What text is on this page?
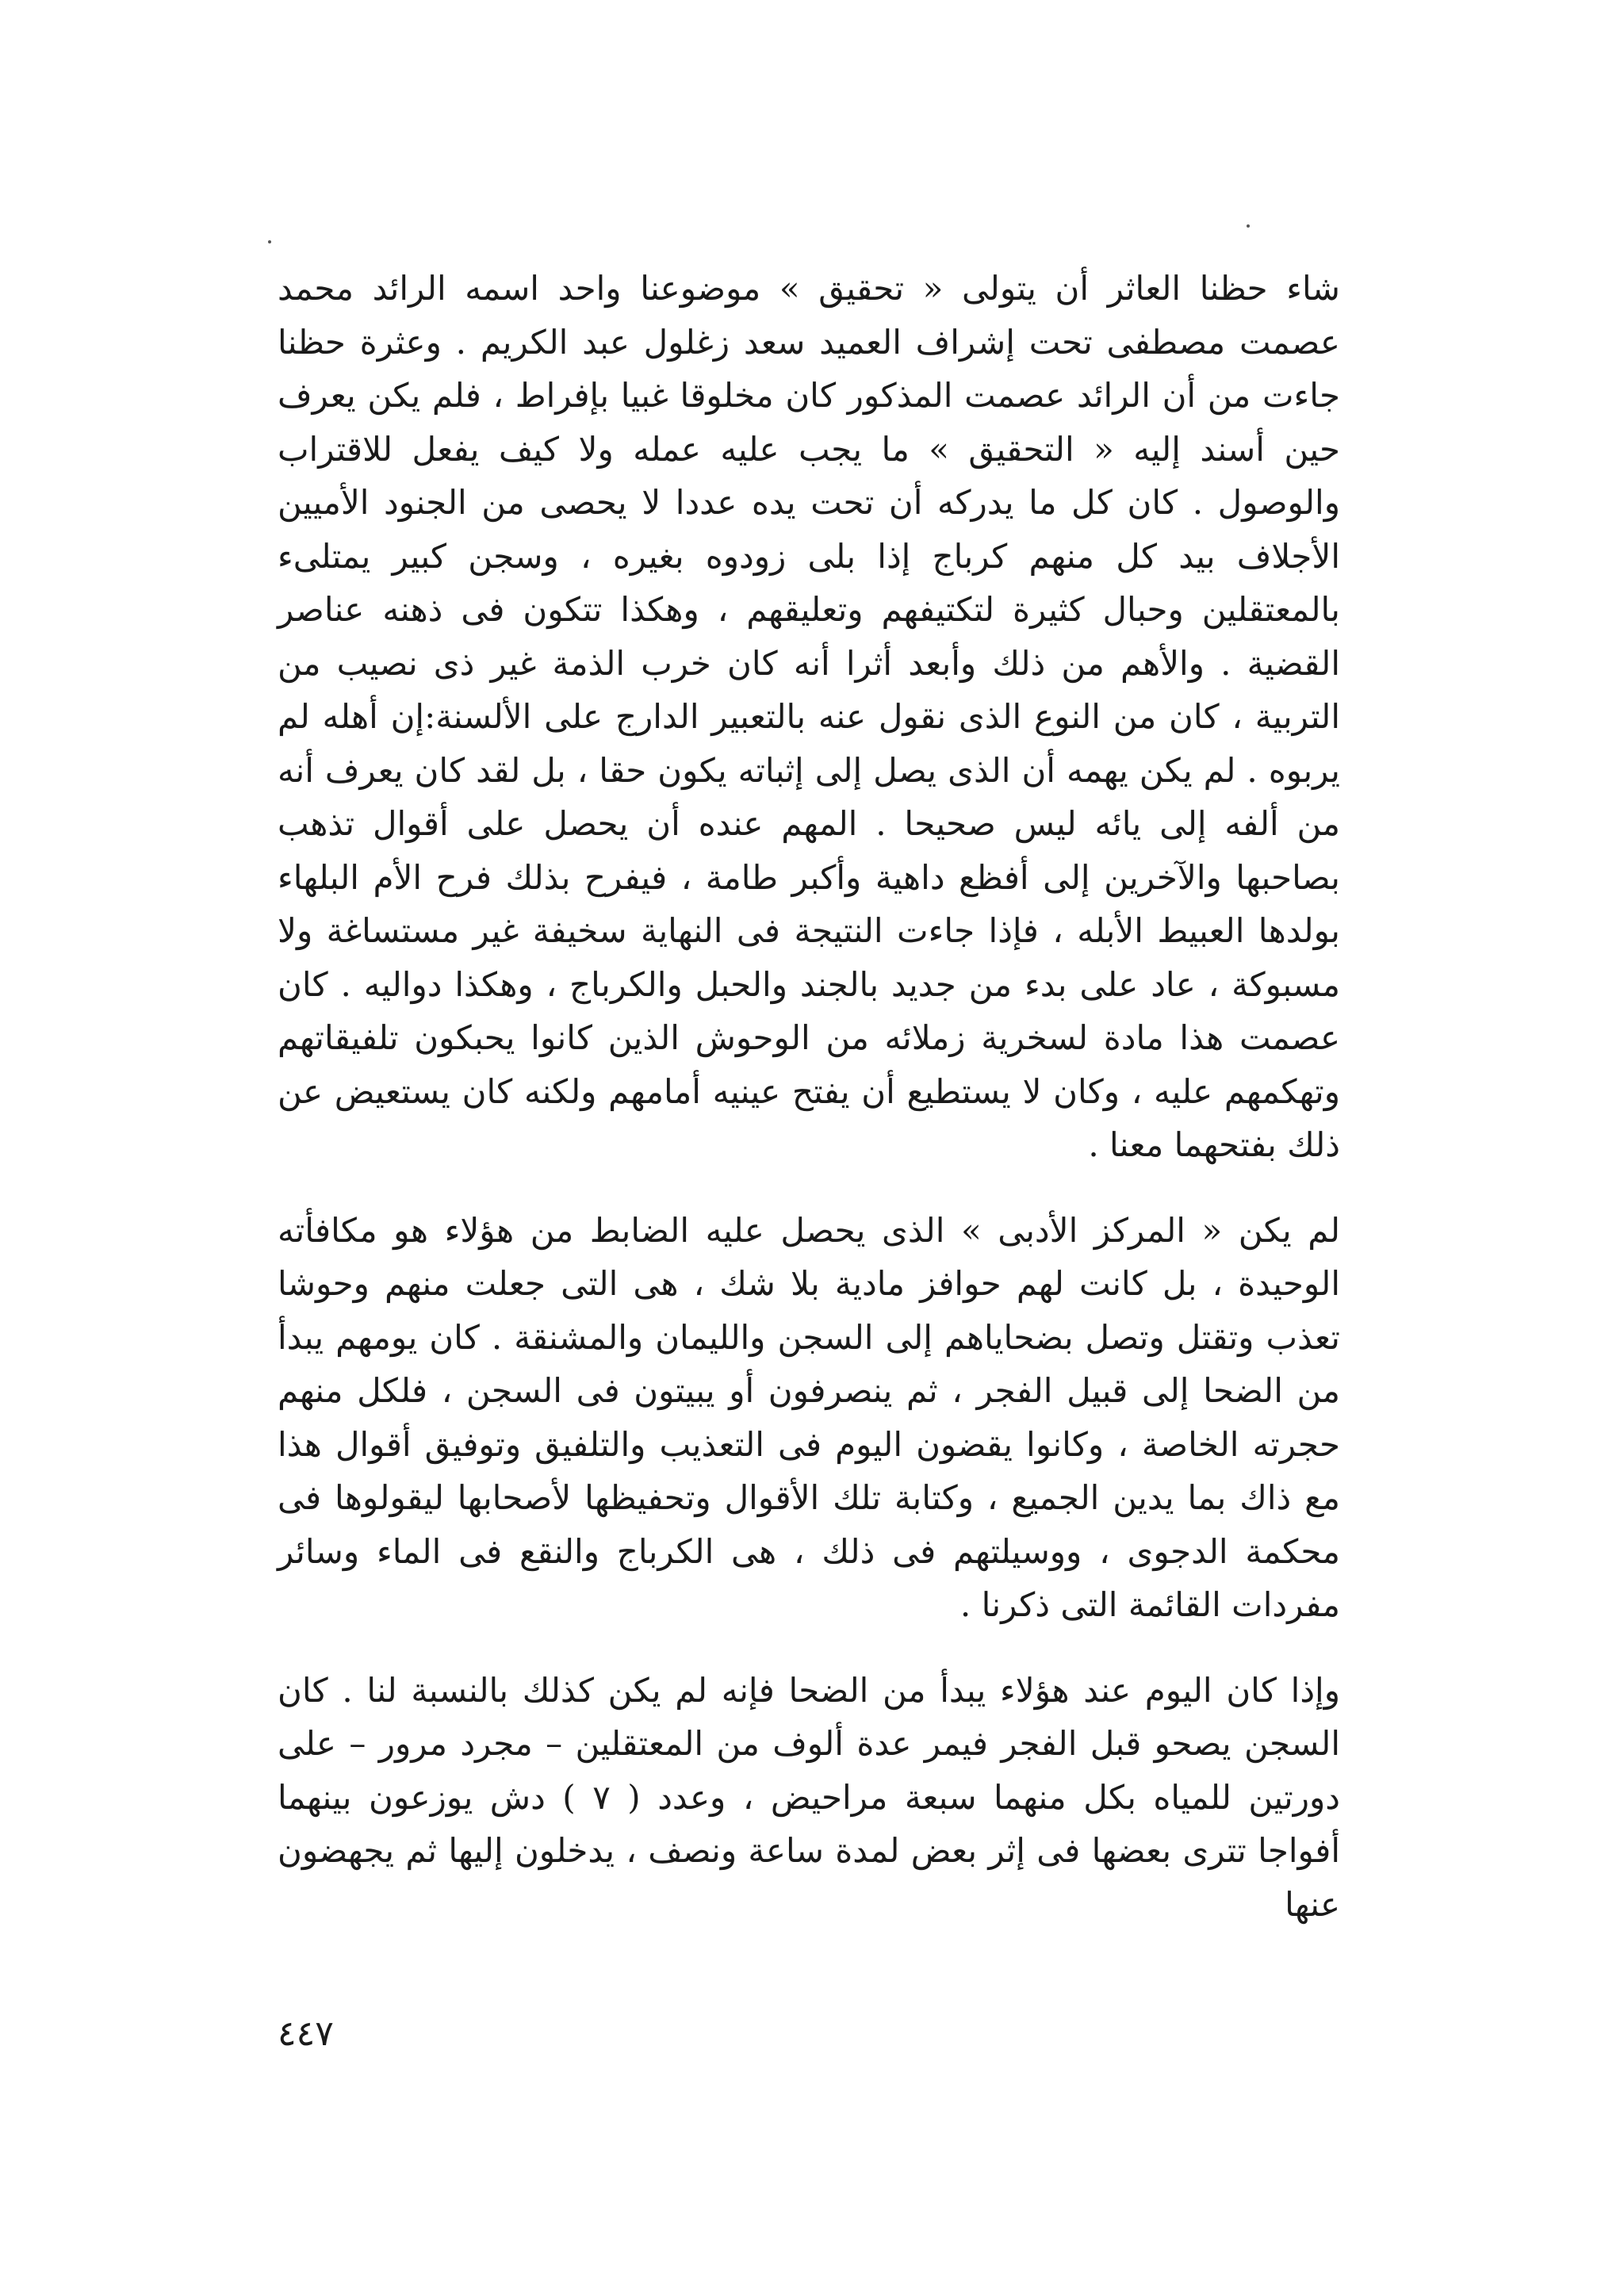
شاء حظنا العاثر أن يتولى « تحقيق » موضوعنا واحد اسمه الرائد محمد عصمت مصطفى تحت إشراف العميد سعد زغلول عبد الكريم . وعثرة حظنا جاءت من أن الرائد عصمت المذكور كان مخلوقا غبيا بإفراط ، فلم يكن يعرف حين أسند إليه « التحقيق » ما يجب عليه عمله ولا كيف يفعل للاقتراب والوصول . كان كل ما يدركه أن تحت يده عددا لا يحصى من الجنود الأميين الأجلاف بيد كل منهم كرباج إذا بلى زودوه بغيره ، وسجن كبير يمتلىء بالمعتقلين وحبال كثيرة لتكتيفهم وتعليقهم ، وهكذا تتكون فى ذهنه عناصر القضية . والأهم من ذلك وأبعد أثرا أنه كان خرب الذمة غير ذى نصيب من التربية ، كان من النوع الذى نقول عنه بالتعبير الدارج على الألسنة:إن أهله لم يربوه . لم يكن يهمه أن الذى يصل إلى إثباته يكون حقا ، بل لقد كان يعرف أنه من ألفه إلى يائه ليس صحيحا . المهم عنده أن يحصل على أقوال تذهب بصاحبها والآخرين إلى أفظع داهية وأكبر طامة ، فيفرح بذلك فرح الأم البلهاء بولدها العبيط الأبله ، فإذا جاءت النتيجة فى النهاية سخيفة غير مستساغة ولا مسبوكة ، عاد على بدء من جديد بالجند والحبل والكرباج ، وهكذا دواليه . كان عصمت هذا مادة لسخرية زملائه من الوحوش الذين كانوا يحبكون تلفيقاتهم وتهكمهم عليه ، وكان لا يستطيع أن يفتح عينيه أمامهم ولكنه كان يستعيض عن ذلك بفتحهما معنا .

لم يكن « المركز الأدبى » الذى يحصل عليه الضابط من هؤلاء هو مكافأته الوحيدة ، بل كانت لهم حوافز مادية بلا شك ، هى التى جعلت منهم وحوشا تعذب وتقتل وتصل بضحاياهم إلى السجن والليمان والمشنقة . كان يومهم يبدأ من الضحا إلى قبيل الفجر ، ثم ينصرفون أو يبيتون فى السجن ، فلكل منهم حجرته الخاصة ، وكانوا يقضون اليوم فى التعذيب والتلفيق وتوفيق أقوال هذا مع ذاك بما يدين الجميع ، وكتابة تلك الأقوال وتحفيظها لأصحابها ليقولوها فى محكمة الدجوى ، ووسيلتهم فى ذلك ، هى الكرباج والنقع فى الماء وسائر مفردات القائمة التى ذكرنا .

وإذا كان اليوم عند هؤلاء يبدأ من الضحا فإنه لم يكن كذلك بالنسبة لنا . كان السجن يصحو قبل الفجر فيمر عدة ألوف من المعتقلين – مجرد مرور – على دورتين للمياه بكل منهما سبعة مراحيض ، وعدد ( ٧ ) دش يوزعون بينهما أفواجا تترى بعضها فى إثر بعض لمدة ساعة ونصف ، يدخلون إليها ثم يجهضون عنها

٤٤٧
